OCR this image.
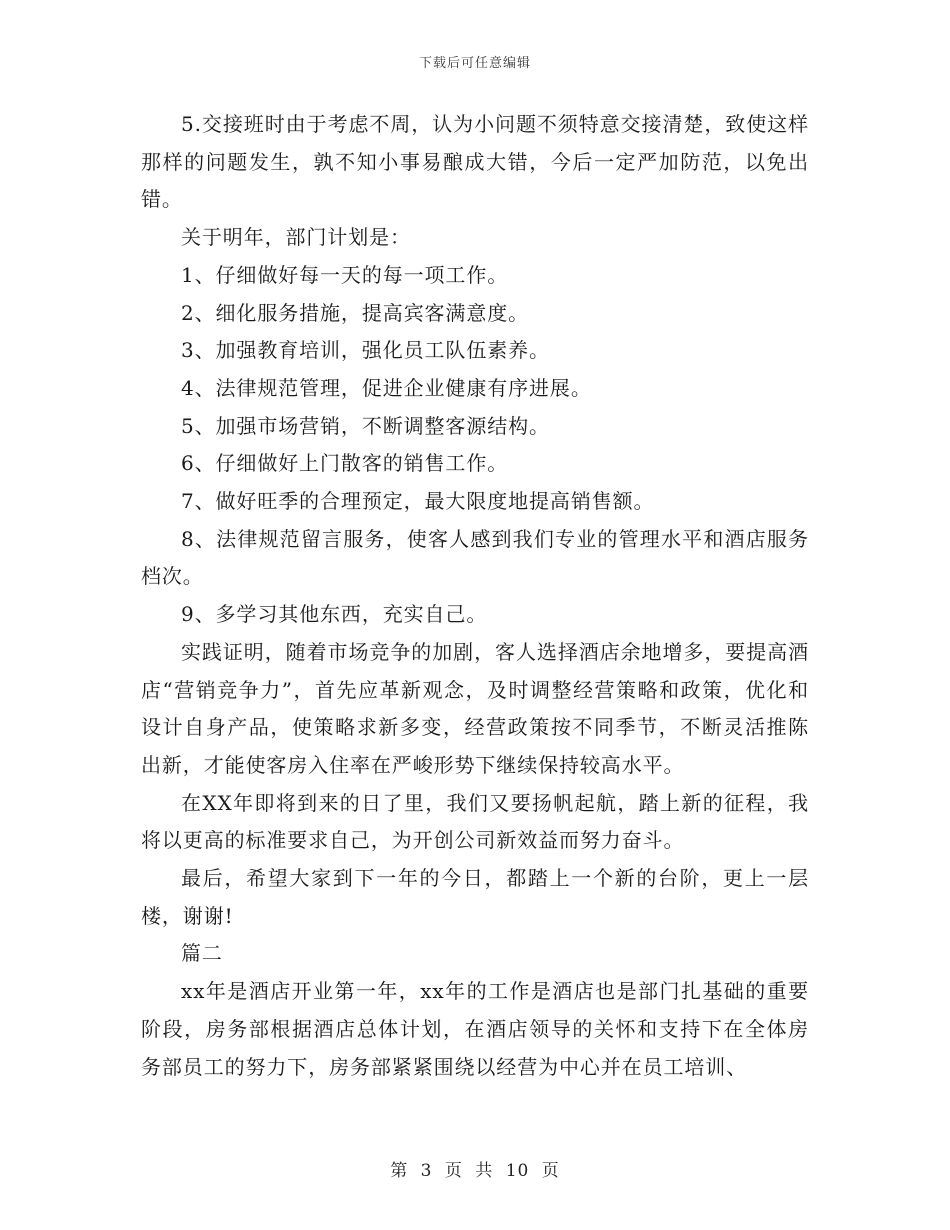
下载后可任意编辑

5.交接班时由于考虑不周，认为小问题不须特意交接清楚，致使这样那样的问题发生，孰不知小事易酿成大错，今后一定严加防范，以免出错。

关于明年，部门计划是：

1、仔细做好每一天的每一项工作。

2、细化服务措施，提高宾客满意度。

3、加强教育培训，强化员工队伍素养。

4、法律规范管理，促进企业健康有序进展。

5、加强市场营销，不断调整客源结构。

6、仔细做好上门散客的销售工作。

7、做好旺季的合理预定，最大限度地提高销售额。

8、法律规范留言服务，使客人感到我们专业的管理水平和酒店服务档次。

9、多学习其他东西，充实自己。

实践证明，随着市场竞争的加剧，客人选择酒店余地增多，要提高酒店“营销竞争力”，首先应革新观念，及时调整经营策略和政策，优化和设计自身产品，使策略求新多变，经营政策按不同季节，不断灵活推陈出新，才能使客房入住率在严峻形势下继续保持较高水平。

在XX年即将到来的日了里，我们又要扬帆起航，踏上新的征程，我将以更高的标准要求自己，为开创公司新效益而努力奋斗。

最后，希望大家到下一年的今日，都踏上一个新的台阶，更上一层楼，谢谢!

篇二

xx年是酒店开业第一年，xx年的工作是酒店也是部门扎基础的重要阶段，房务部根据酒店总体计划，在酒店领导的关怀和支持下在全体房务部员工的努力下，房务部紧紧围绕以经营为中心并在员工培训、

第 3 页 共 10 页
